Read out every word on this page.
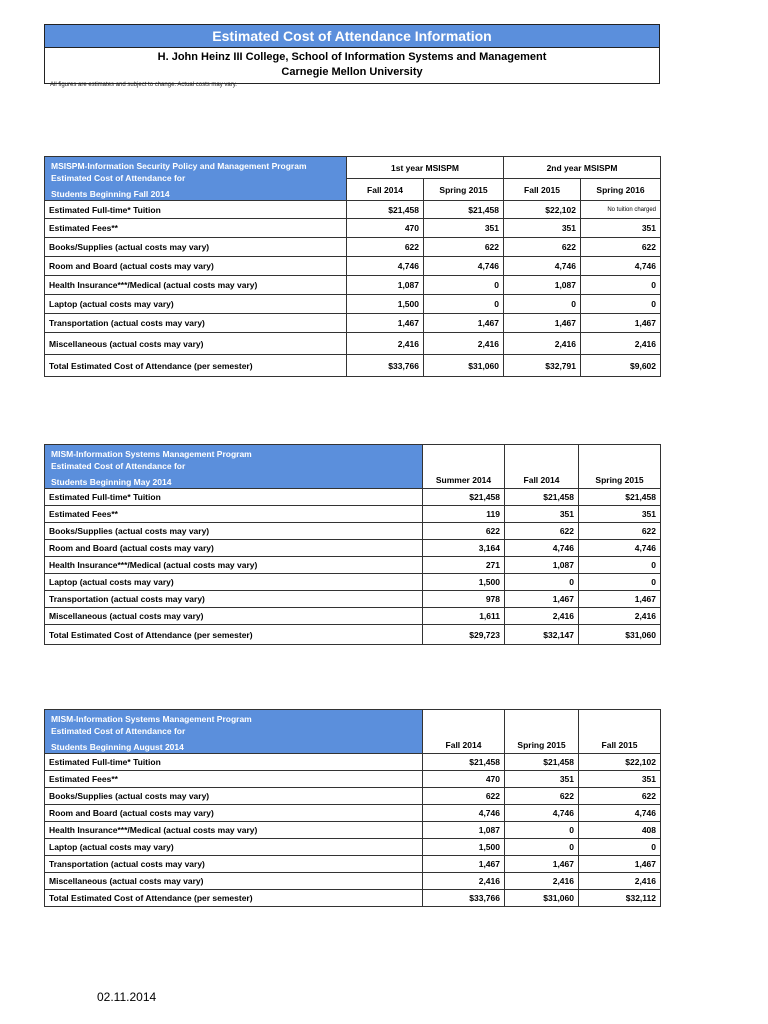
Estimated Cost of Attendance Information
H. John Heinz III College, School of Information Systems and Management
Carnegie Mellon University
All figures are estimates and subject to change. Actual costs may vary.
MSISPM-Information Security Policy and Management Program
Estimated Cost of Attendance for
Students Beginning Fall 2014	1st year MSISPM		2nd year MSISPM	
	Fall 2014	Spring 2015	Fall 2015	Spring 2016
Estimated Full-time* Tuition	$21,458	$21,458	$22,102	No tuition charged
Estimated Fees**	470	351	351	351
Books/Supplies (actual costs may vary)	622	622	622	622
Room and Board (actual costs may vary)	4,746	4,746	4,746	4,746
Health Insurance***/Medical (actual costs may vary)	1,087	0	1,087	0
Laptop (actual costs may vary)	1,500	0	0	0
Transportation (actual costs may vary)	1,467	1,467	1,467	1,467
Miscellaneous (actual costs may vary)	2,416	2,416	2,416	2,416
Total Estimated Cost of Attendance (per semester)	$33,766	$31,060	$32,791	$9,602
MISM-Information Systems Management Program
Estimated Cost of Attendance for
Students Beginning May 2014	Summer 2014	Fall 2014	Spring 2015
Estimated Full-time* Tuition	$21,458	$21,458	$21,458
Estimated Fees**	119	351	351
Books/Supplies (actual costs may vary)	622	622	622
Room and Board (actual costs may vary)	3,164	4,746	4,746
Health Insurance***/Medical (actual costs may vary)	271	1,087	0
Laptop (actual costs may vary)	1,500	0	0
Transportation (actual costs may vary)	978	1,467	1,467
Miscellaneous (actual costs may vary)	1,611	2,416	2,416
Total Estimated Cost of Attendance (per semester)	$29,723	$32,147	$31,060
MISM-Information Systems Management Program
Estimated Cost of Attendance for
Students Beginning August 2014	Fall 2014	Spring 2015	Fall 2015
Estimated Full-time* Tuition	$21,458	$21,458	$22,102
Estimated Fees**	470	351	351
Books/Supplies (actual costs may vary)	622	622	622
Room and Board (actual costs may vary)	4,746	4,746	4,746
Health Insurance***/Medical (actual costs may vary)	1,087	0	408
Laptop (actual costs may vary)	1,500	0	0
Transportation (actual costs may vary)	1,467	1,467	1,467
Miscellaneous (actual costs may vary)	2,416	2,416	2,416
Total Estimated Cost of Attendance (per semester)	$33,766	$31,060	$32,112
02.11.2014
